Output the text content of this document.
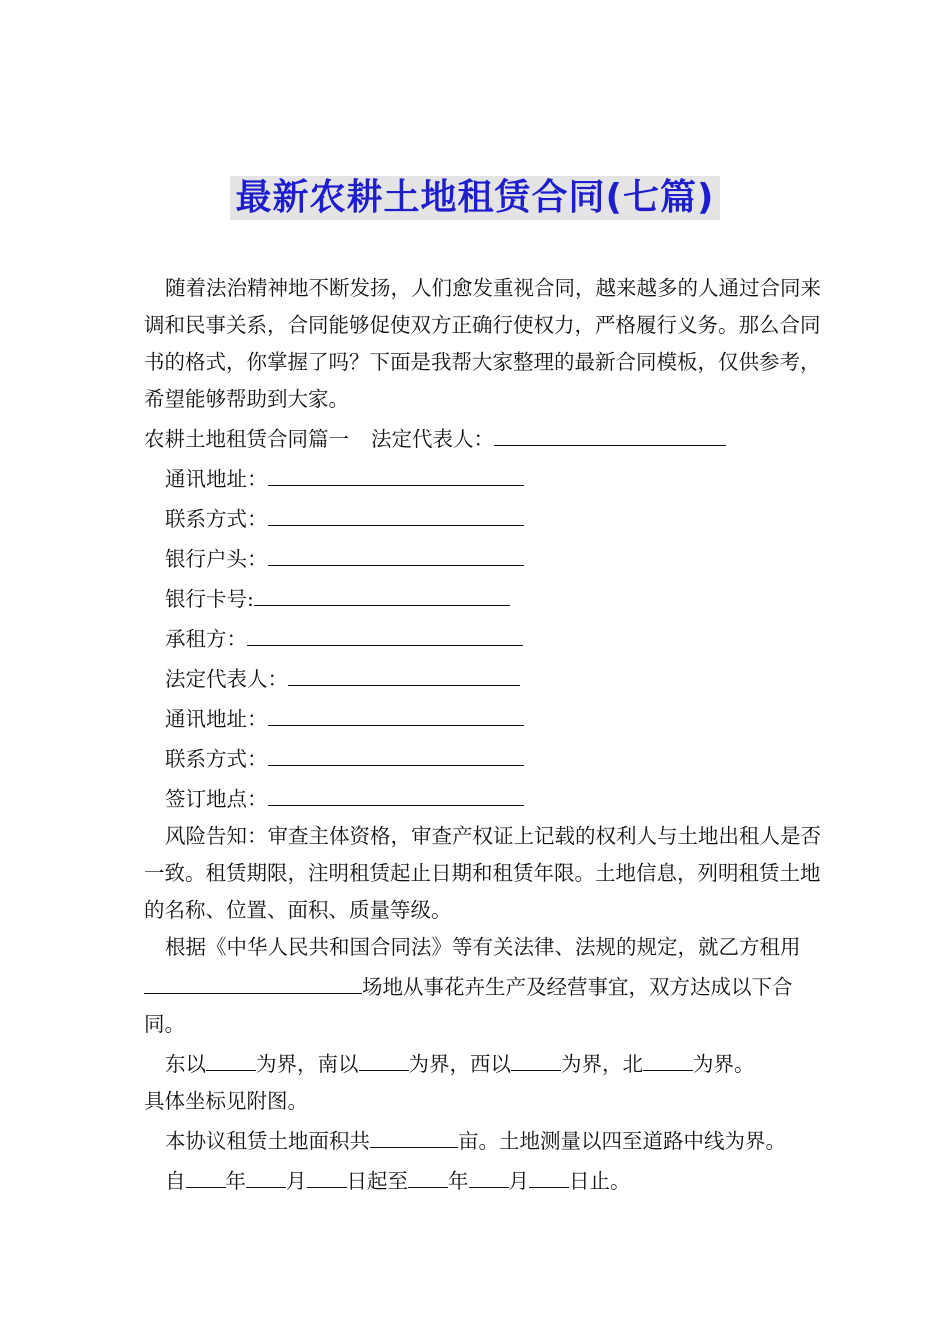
最新农耕土地租赁合同(七篇)

随着法治精神地不断发扬，人们愈发重视合同，越来越多的人通过合同来调和民事关系，合同能够促使双方正确行使权力，严格履行义务。那么合同书的格式，你掌握了吗？下面是我帮大家整理的最新合同模板，仅供参考，希望能够帮助到大家。

农耕土地租赁合同篇一 法定代表人：

通讯地址：

联系方式：

银行户头：

银行卡号:

承租方：

法定代表人：

通讯地址：

联系方式：

签订地点：

风险告知：审查主体资格，审查产权证上记载的权利人与土地出租人是否一致。租赁期限，注明租赁起止日期和租赁年限。土地信息，列明租赁土地的名称、位置、面积、质量等级。

根据《中华人民共和国合同法》等有关法律、法规的规定，就乙方租用场地从事花卉生产及经营事宜，双方达成以下合同。

东以 为界，南以 为界，西以 为界，北 为界。

具体坐标见附图。

本协议租赁土地面积共	亩。土地测量以四至道路中线为界。

自 年 月 日起至 年 月 日止。
